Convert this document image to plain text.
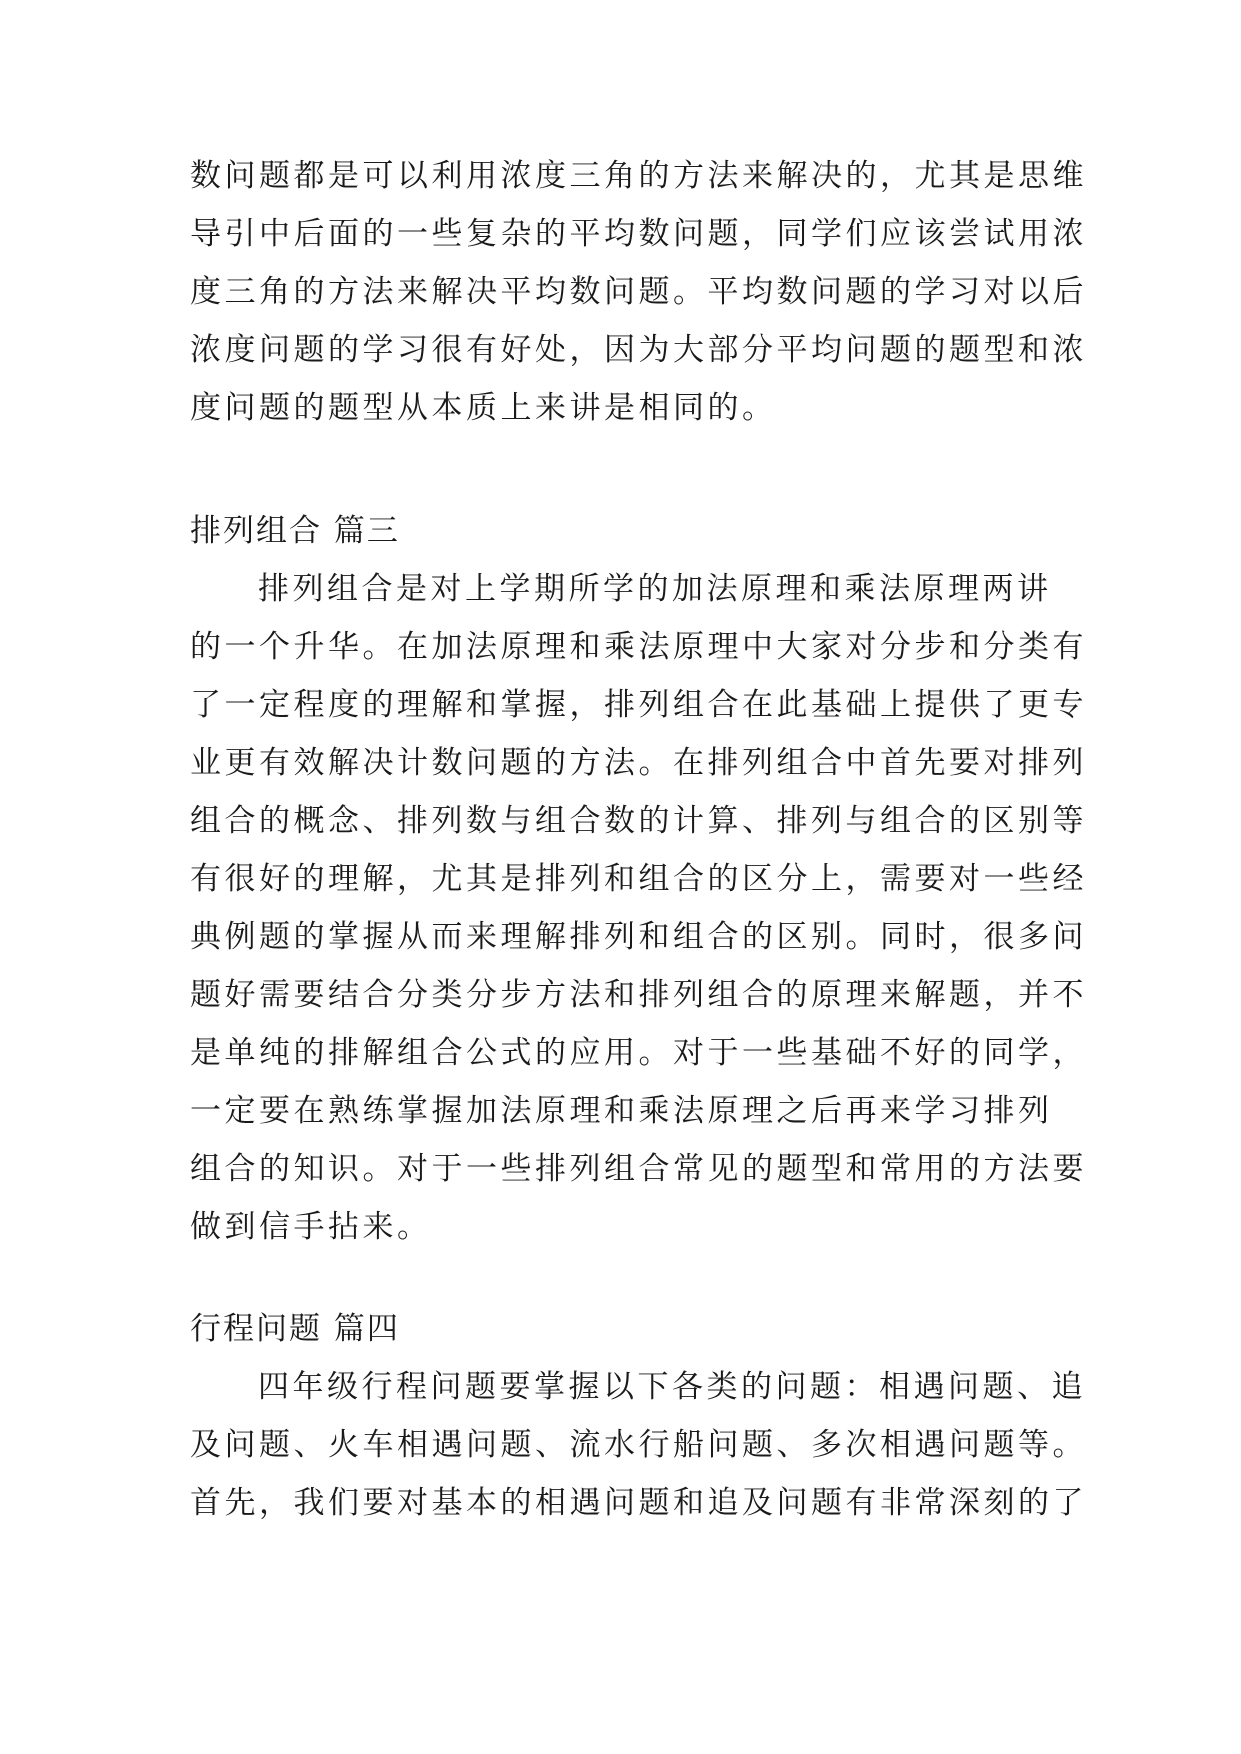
数问题都是可以利用浓度三角的方法来解决的，尤其是思维
导引中后面的一些复杂的平均数问题，同学们应该尝试用浓
度三角的方法来解决平均数问题。平均数问题的学习对以后
浓度问题的学习很有好处，因为大部分平均问题的题型和浓
度问题的题型从本质上来讲是相同的。
排列组合 篇三
排列组合是对上学期所学的加法原理和乘法原理两讲
的一个升华。在加法原理和乘法原理中大家对分步和分类有
了一定程度的理解和掌握，排列组合在此基础上提供了更专
业更有效解决计数问题的方法。在排列组合中首先要对排列
组合的概念、排列数与组合数的计算、排列与组合的区别等
有很好的理解，尤其是排列和组合的区分上，需要对一些经
典例题的掌握从而来理解排列和组合的区别。同时，很多问
题好需要结合分类分步方法和排列组合的原理来解题，并不
是单纯的排解组合公式的应用。对于一些基础不好的同学，
一定要在熟练掌握加法原理和乘法原理之后再来学习排列
组合的知识。对于一些排列组合常见的题型和常用的方法要
做到信手拈来。
行程问题 篇四
四年级行程问题要掌握以下各类的问题：相遇问题、追
及问题、火车相遇问题、流水行船问题、多次相遇问题等。
首先，我们要对基本的相遇问题和追及问题有非常深刻的了
